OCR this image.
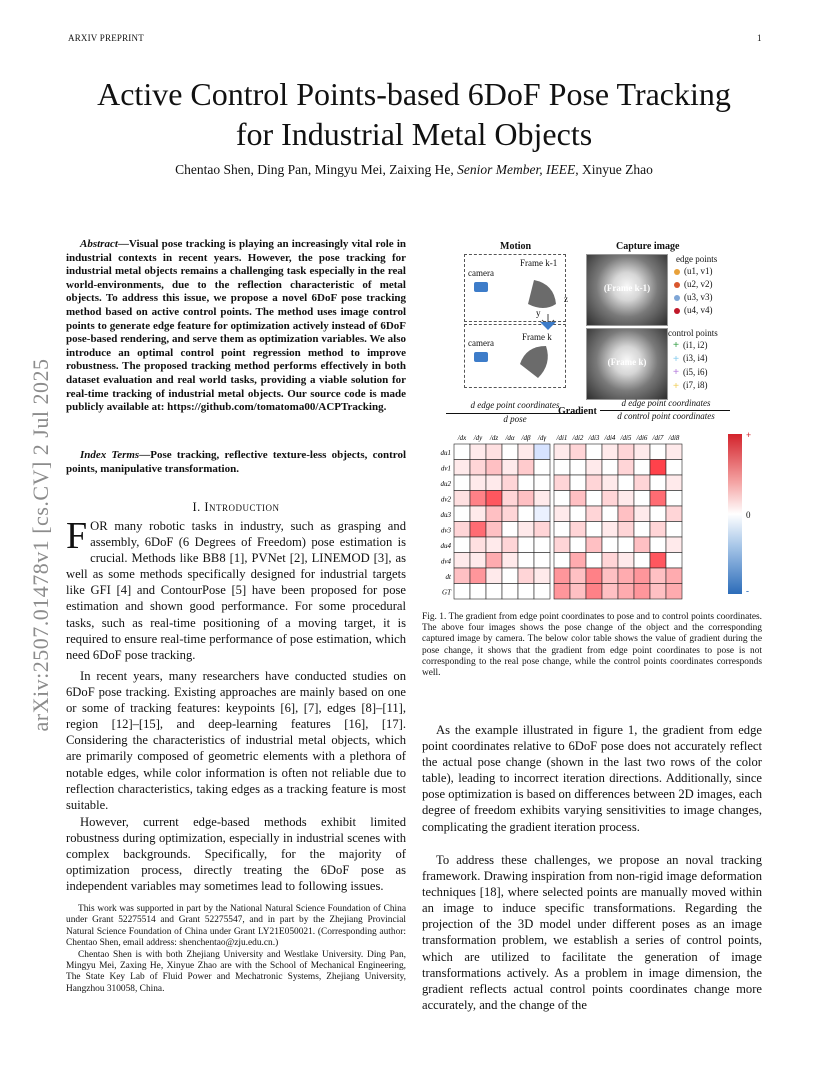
ARXIV PREPRINT	1
arXiv:2507.01478v1 [cs.CV] 2 Jul 2025
Active Control Points-based 6DoF Pose Tracking
for Industrial Metal Objects
Chentao Shen, Ding Pan, Mingyu Mei, Zaixing He, Senior Member, IEEE, Xinyue Zhao
Abstract—Visual pose tracking is playing an increasingly vital role in industrial contexts in recent years. However, the pose tracking for industrial metal objects remains a challenging task especially in the real world-environments, due to the reflection characteristic of metal objects. To address this issue, we propose a novel 6DoF pose tracking method based on active control points. The method uses image control points to generate edge feature for optimization actively instead of 6DoF pose-based rendering, and serve them as optimization variables. We also introduce an optimal control point regression method to improve robustness. The proposed tracking method performs effectively in both dataset evaluation and real world tasks, providing a viable solution for real-time tracking of industrial metal objects. Our source code is made publicly available at: https://github.com/tomatoma00/ACPTracking.
Index Terms—Pose tracking, reflective texture-less objects, control points, manipulative transformation.
I. Introduction
FOR many robotic tasks in industry, such as grasping and assembly, 6DoF (6 Degrees of Freedom) pose estimation is crucial. Methods like BB8 [1], PVNet [2], LINEMOD [3], as well as some methods specifically designed for industrial targets like GFI [4] and ContourPose [5] have been proposed for pose estimation and shown good performance. For some procedural tasks, such as real-time positioning of a moving target, it is required to ensure real-time performance of pose estimation, which need 6DoF pose tracking.
In recent years, many researchers have conducted studies on 6DoF pose tracking. Existing approaches are mainly based on one or some of tracking features: keypoints [6], [7], edges [8]–[11], region [12]–[15], and deep-learning features [16], [17]. Considering the characteristics of industrial metal objects, which are primarily composed of geometric elements with a plethora of notable edges, while color information is often not reliable due to reflection characteristics, taking edges as a tracking feature is most suitable.
However, current edge-based methods exhibit limited robustness during optimization, especially in industrial scenes with complex backgrounds. Specifically, for the majority of optimization process, directly treating the 6DoF pose as independent variables may sometimes lead to following issues.

This work was supported in part by the National Natural Science Foundation of China under Grant 52275514 and Grant 52275547, and in part by the Zhejiang Provincial Natural Science Foundation of China under Grant LY21E050021. (Corresponding author: Chentao Shen, email address: shenchentao@zju.edu.cn.)

Chentao Shen is with both Zhejiang University and Westlake University. Ding Pan, Mingyu Mei, Zaxing He, Xinyue Zhao are with the School of Mechanical Engineering, The State Key Lab of Fluid Power and Mechatronic Systems, Zhejiang University, Hangzhou 310058, China.

Motion	Capture image
Frame k-1
Frame k
camera
camera
z
y
(Frame k-1)
(Frame k)
edge points
(u1, v1)
(u2, v2)
(u3, v3)
(u4, v4)
control points
+ (i1, i2)
+ (i3, i4)
+ (i5, i6)
+ (i7, i8)
d edge point coordinates
d pose
Gradient
d edge point coordinates
d control point coordinates
/dx /dy /dz /dα /dβ /dγ /di1 /di2 /di3 /di4 /di5 /di6 /di7 /di8
du1
dv1
du2
dv2
du3
dv3
du4
dv4
dt
GT
+
0
-
Fig. 1. The gradient from edge point coordinates to pose and to control points coordinates. The above four images shows the pose change of the object and the corresponding captured image by camera. The below color table shows the value of gradient during the pose change, it shows that the gradient from edge point coordinates to pose is not corresponding to the real pose change, while the control points coordinates corresponds well.
As the example illustrated in figure 1, the gradient from edge point coordinates relative to 6DoF pose does not accurately reflect the actual pose change (shown in the last two rows of the color table), leading to incorrect iteration directions. Additionally, since pose optimization is based on differences between 2D images, each degree of freedom exhibits varying sensitivities to image changes, complicating the gradient iteration process.
To address these challenges, we propose an noval tracking framework. Drawing inspiration from non-rigid image deformation techniques [18], where selected points are manually moved within an image to induce specific transformations. Regarding the projection of the 3D model under different poses as an image transformation problem, we establish a series of control points, which are utilized to facilitate the generation of image transformations actively. As a problem in image dimension, the gradient reflects actual control points coordinates change more accurately, and the change of the
